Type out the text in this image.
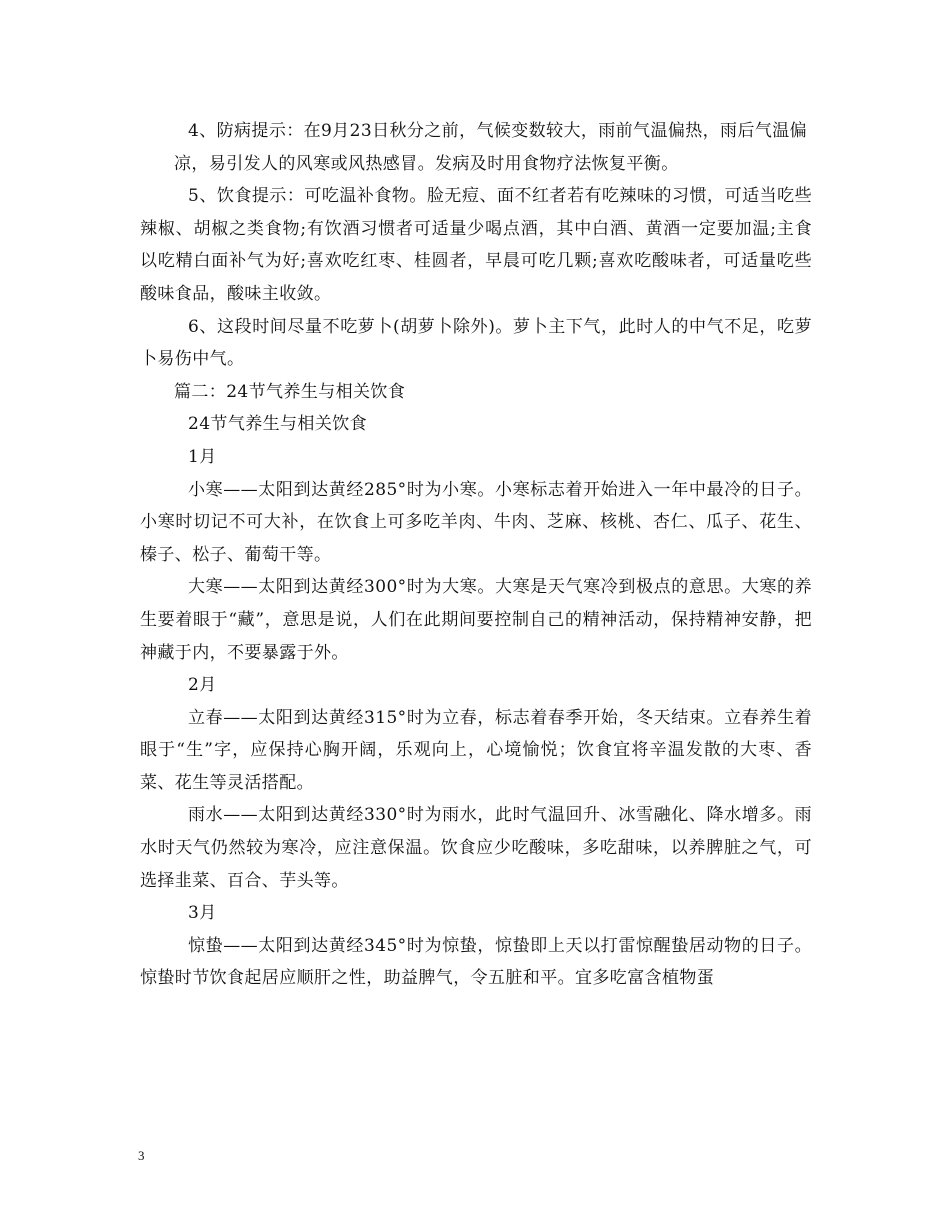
4、防病提示：在9月23日秋分之前，气候变数较大，雨前气温偏热，雨后气温偏

凉，易引发人的风寒或风热感冒。发病及时用食物疗法恢复平衡。

5、饮食提示：可吃温补食物。脸无痘、面不红者若有吃辣味的习惯，可适当吃些辣椒、胡椒之类食物;有饮酒习惯者可适量少喝点酒，其中白酒、黄酒一定要加温;主食以吃精白面补气为好;喜欢吃红枣、桂圆者，早晨可吃几颗;喜欢吃酸味者，可适量吃些酸味食品，酸味主收敛。

6、这段时间尽量不吃萝卜(胡萝卜除外)。萝卜主下气，此时人的中气不足，吃萝卜易伤中气。

篇二：24节气养生与相关饮食

24节气养生与相关饮食

1月

小寒——太阳到达黄经285°时为小寒。小寒标志着开始进入一年中最冷的日子。小寒时切记不可大补，在饮食上可多吃羊肉、牛肉、芝麻、核桃、杏仁、瓜子、花生、榛子、松子、葡萄干等。

大寒——太阳到达黄经300°时为大寒。大寒是天气寒冷到极点的意思。大寒的养生要着眼于“藏”，意思是说，人们在此期间要控制自己的精神活动，保持精神安静，把神藏于内，不要暴露于外。

2月

立春——太阳到达黄经315°时为立春，标志着春季开始，冬天结束。立春养生着眼于“生”字，应保持心胸开阔，乐观向上，心境愉悦；饮食宜将辛温发散的大枣、香菜、花生等灵活搭配。

雨水——太阳到达黄经330°时为雨水，此时气温回升、冰雪融化、降水增多。雨水时天气仍然较为寒冷，应注意保温。饮食应少吃酸味，多吃甜味，以养脾脏之气，可选择韭菜、百合、芋头等。

3月

惊蛰——太阳到达黄经345°时为惊蛰，惊蛰即上天以打雷惊醒蛰居动物的日子。惊蛰时节饮食起居应顺肝之性，助益脾气，令五脏和平。宜多吃富含植物蛋

3
